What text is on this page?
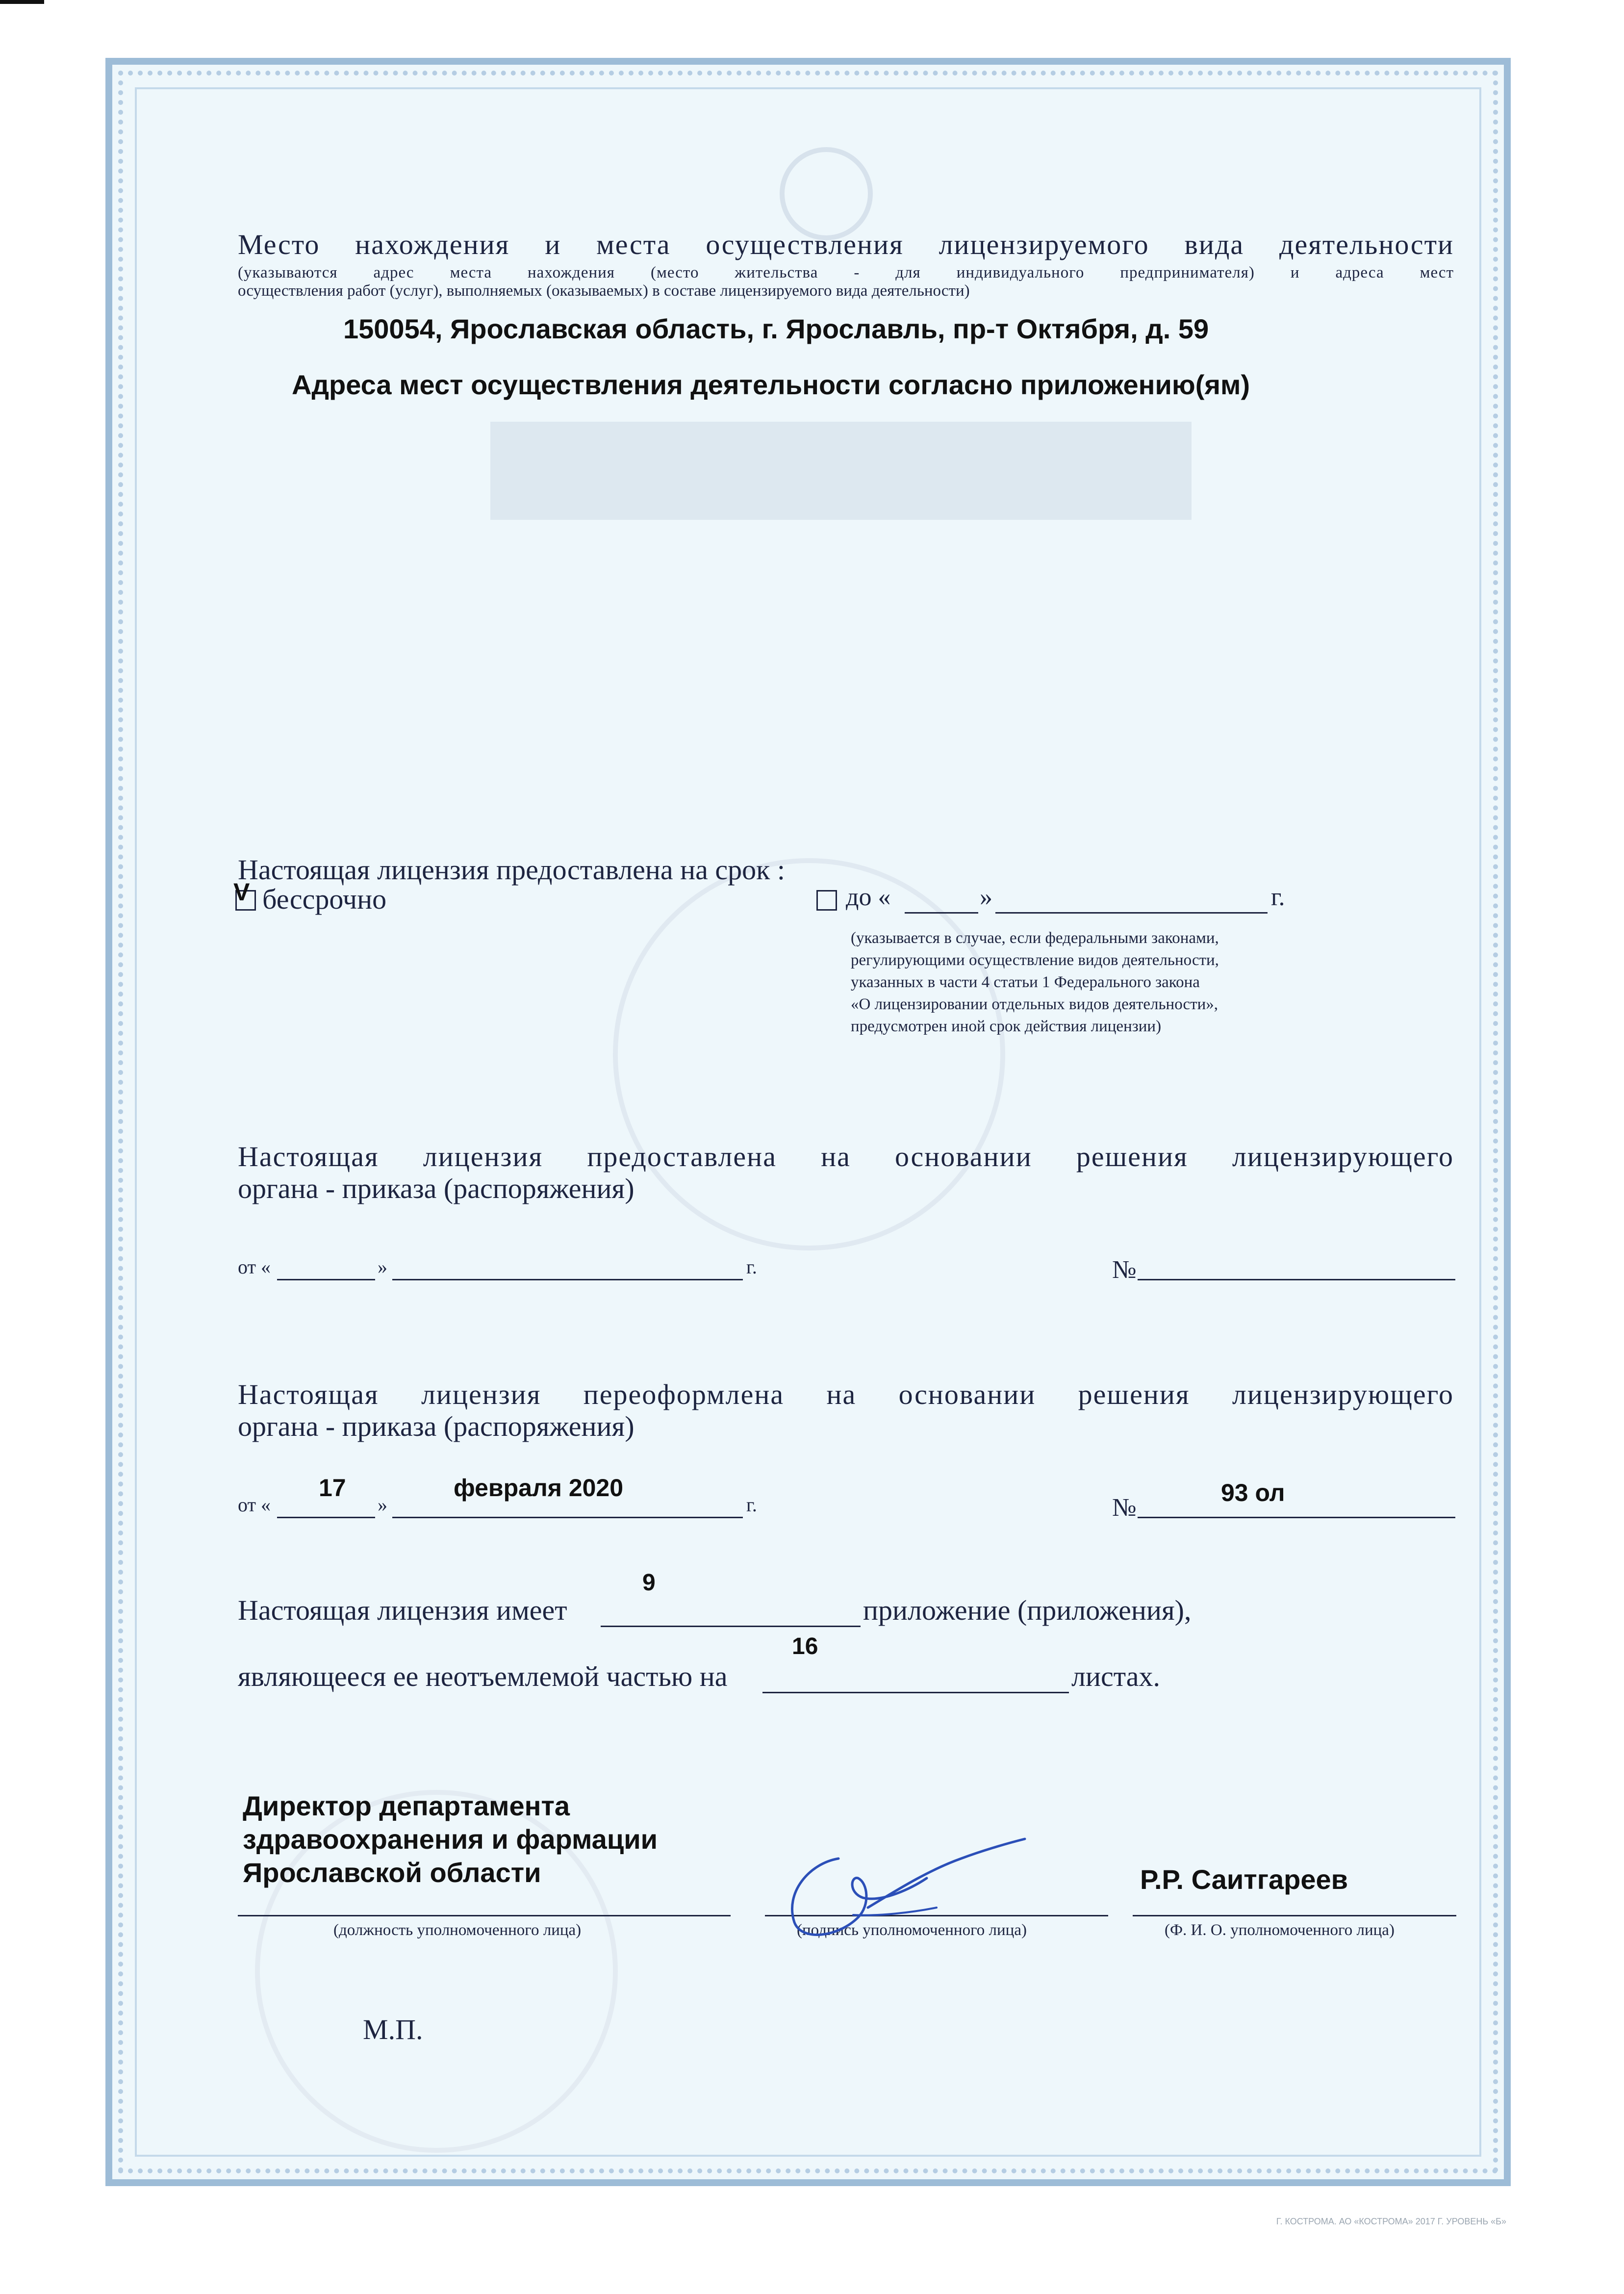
Место нахождения и места осуществления лицензируемого вида деятельности
(указываются адрес места нахождения (место жительства - для индивидуального предпринимателя) и адреса мест
осуществления работ (услуг), выполняемых (оказываемых) в составе лицензируемого вида деятельности)
150054, Ярославская область, г. Ярославль, пр-т Октября, д. 59
Адреса мест осуществления деятельности согласно приложению(ям)
Настоящая лицензия предоставлена на срок :
V бессрочно	до «	»	г.
(указывается в случае, если федеральными законами,
регулирующими осуществление видов деятельности,
указанных в части 4 статьи 1 Федерального закона
«О лицензировании отдельных видов деятельности»,
предусмотрен иной срок действия лицензии)
Настоящая лицензия предоставлена на основании решения лицензирующего
органа - приказа (распоряжения)
от «	»	г.	№
Настоящая лицензия переоформлена на основании решения лицензирующего
органа - приказа (распоряжения)
17	февраля 2020	93 ол
от «	»	г.	№
9
Настоящая лицензия имеет	приложение (приложения),
16
являющееся ее неотъемлемой частью на	листах.
Директор департамента
здравоохранения и фармации
Ярославской области	Р.Р. Саитгареев
(должность уполномоченного лица)	(подпись уполномоченного лица)	(Ф. И. О. уполномоченного лица)
М.П.
Г. КОСТРОМА. АО «КОСТРОМА» 2017 Г. УРОВЕНЬ «Б»
